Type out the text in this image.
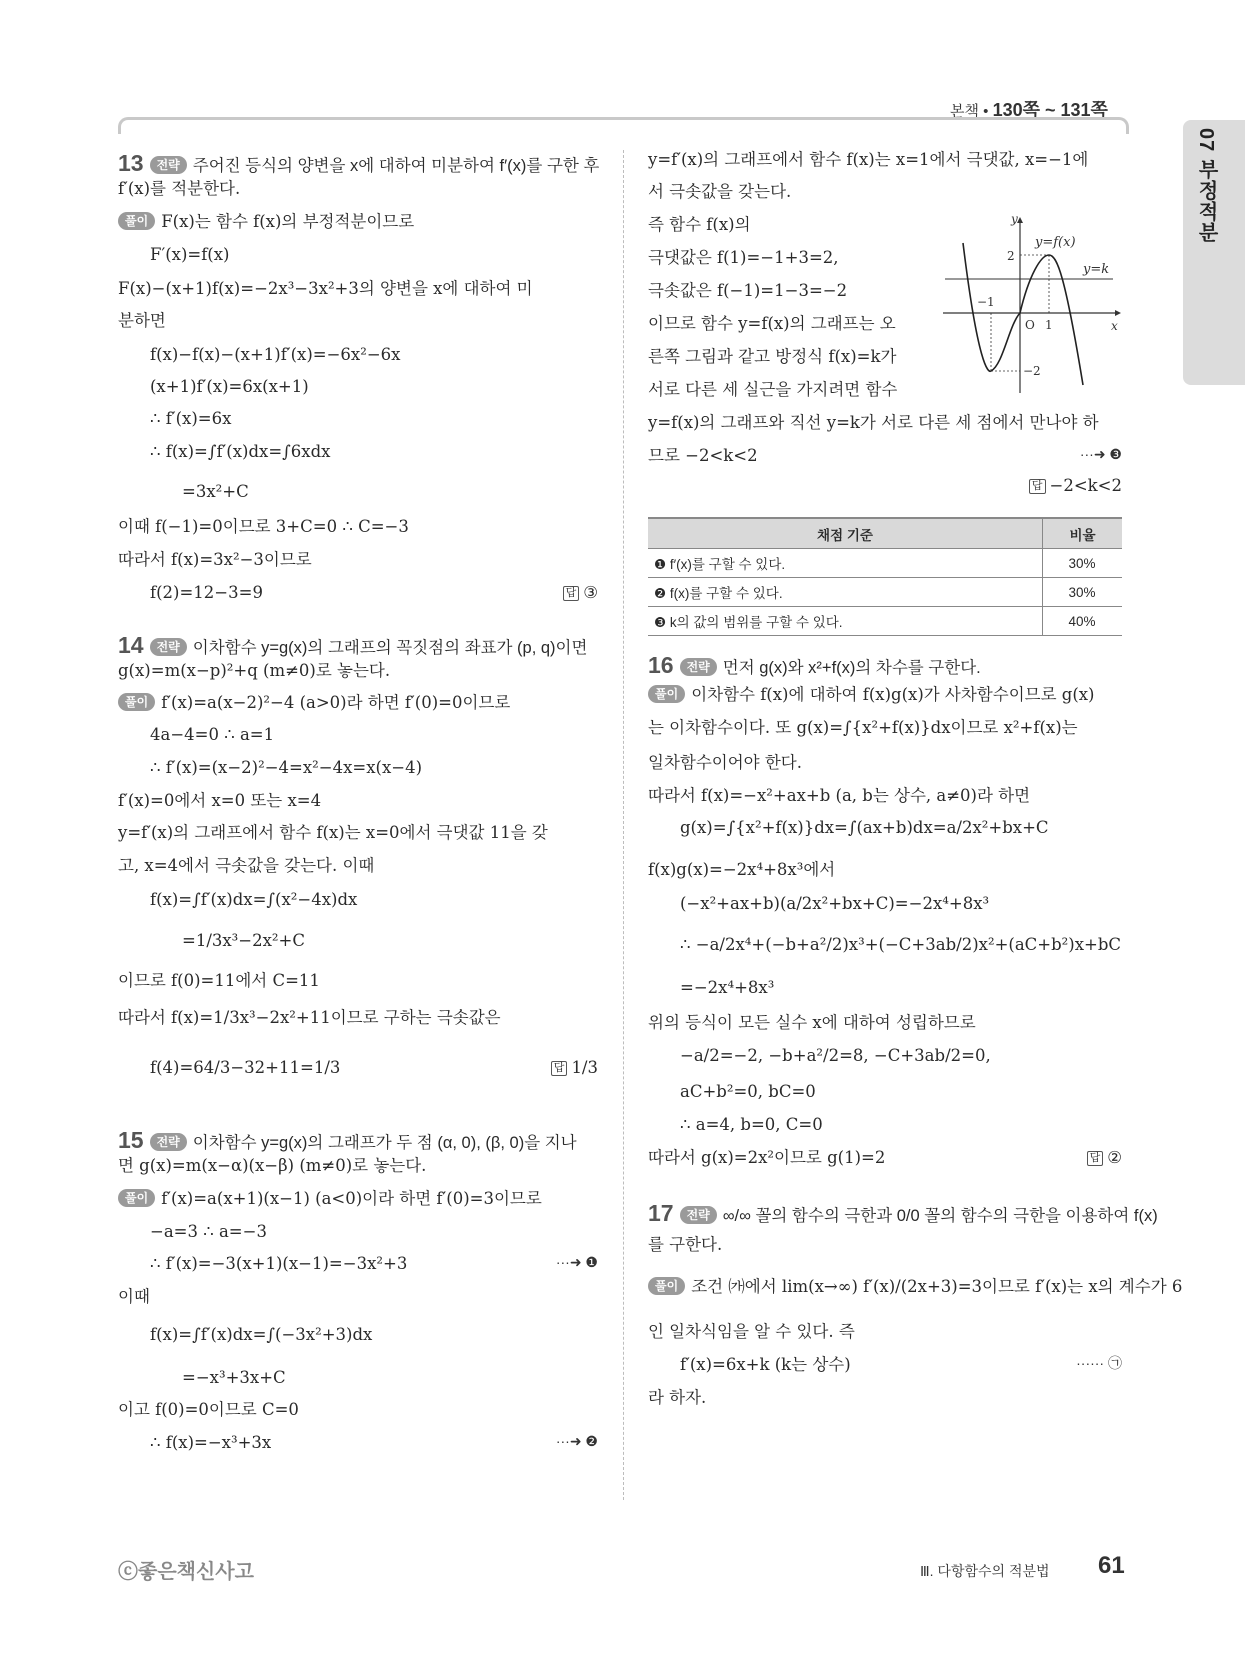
본책 • 130쪽 ~ 131쪽
07 부정적분
13 전략 주어진 등식의 양변을 x에 대하여 미분하여 f′(x)를 구한 후
f′(x)를 적분한다.
풀이 F(x)는 함수 f(x)의 부정적분이므로
F′(x)=f(x)
F(x)−(x+1)f(x)=−2x³−3x²+3의 양변을 x에 대하여 미
분하면
f(x)−f(x)−(x+1)f′(x)=−6x²−6x
(x+1)f′(x)=6x(x+1)
∴ f′(x)=6x
∴ f(x)=∫f′(x)dx=∫6xdx
=3x²+C
이때 f(−1)=0이므로 3+C=0 ∴ C=−3
따라서 f(x)=3x²−3이므로
f(2)=12−3=9	답 ③
14 전략 이차함수 y=g(x)의 그래프의 꼭짓점의 좌표가 (p, q)이면
g(x)=m(x−p)²+q (m≠0)로 놓는다.
풀이 f′(x)=a(x−2)²−4 (a>0)라 하면 f′(0)=0이므로
4a−4=0 ∴ a=1
∴ f′(x)=(x−2)²−4=x²−4x=x(x−4)
f′(x)=0에서 x=0 또는 x=4
y=f′(x)의 그래프에서 함수 f(x)는 x=0에서 극댓값 11을 갖
고, x=4에서 극솟값을 갖는다. 이때
f(x)=∫f′(x)dx=∫(x²−4x)dx
=1/3x³−2x²+C
이므로 f(0)=11에서 C=11
따라서 f(x)=1/3x³−2x²+11이므로 구하는 극솟값은
f(4)=64/3−32+11=1/3	답 1/3
15 전략 이차함수 y=g(x)의 그래프가 두 점 (α, 0), (β, 0)을 지나
면 g(x)=m(x−α)(x−β) (m≠0)로 놓는다.
풀이 f′(x)=a(x+1)(x−1) (a<0)이라 하면 f′(0)=3이므로
−a=3 ∴ a=−3
∴ f′(x)=−3(x+1)(x−1)=−3x²+3	···➜ ❶
이때
f(x)=∫f′(x)dx=∫(−3x²+3)dx
=−x³+3x+C
이고 f(0)=0이므로 C=0
∴ f(x)=−x³+3x	···➜ ❷
y=f′(x)의 그래프에서 함수 f(x)는 x=1에서 극댓값, x=−1에
서 극솟값을 갖는다.
즉 함수 f(x)의
극댓값은 f(1)=−1+3=2,
극솟값은 f(−1)=1−3=−2
이므로 함수 y=f(x)의 그래프는 오
른쪽 그림과 같고 방정식 f(x)=k가
서로 다른 세 실근을 가지려면 함수
y=f(x)의 그래프와 직선 y=k가 서로 다른 세 점에서 만나야 하
므로 −2<k<2	···➜ ❸
답 −2<k<2
16 전략 먼저 g(x)와 x²+f(x)의 차수를 구한다.
풀이 이차함수 f(x)에 대하여 f(x)g(x)가 사차함수이므로 g(x)
는 이차함수이다. 또 g(x)=∫{x²+f(x)}dx이므로 x²+f(x)는
일차함수이어야 한다.
따라서 f(x)=−x²+ax+b (a, b는 상수, a≠0)라 하면
g(x)=∫{x²+f(x)}dx=∫(ax+b)dx=a/2x²+bx+C
f(x)g(x)=−2x⁴+8x³에서
(−x²+ax+b)(a/2x²+bx+C)=−2x⁴+8x³
∴ −a/2x⁴+(−b+a²/2)x³+(−C+3ab/2)x²+(aC+b²)x+bC
=−2x⁴+8x³
위의 등식이 모든 실수 x에 대하여 성립하므로
−a/2=−2, −b+a²/2=8, −C+3ab/2=0,
aC+b²=0, bC=0
∴ a=4, b=0, C=0
따라서 g(x)=2x²이므로 g(1)=2	답 ②
17 전략 ∞/∞ 꼴의 함수의 극한과 0/0 꼴의 함수의 극한을 이용하여 f(x)
를 구한다.
풀이 조건 ㈎에서 lim(x→∞) f′(x)/(2x+3)=3이므로 f′(x)는 x의 계수가 6
인 일차식임을 알 수 있다. 즉
f′(x)=6x+k (k는 상수)	······ ㉠
라 하자.
채점 기준	비율
❶ f′(x)를 구할 수 있다.	30%
❷ f(x)를 구할 수 있다.	30%
❸ k의 값의 범위를 구할 수 있다.	40%
y=f(x)
y=k
y
x
O
−1
1
2
−2
ⓒ좋은책신사고	Ⅲ. 다항함수의 적분법 61
